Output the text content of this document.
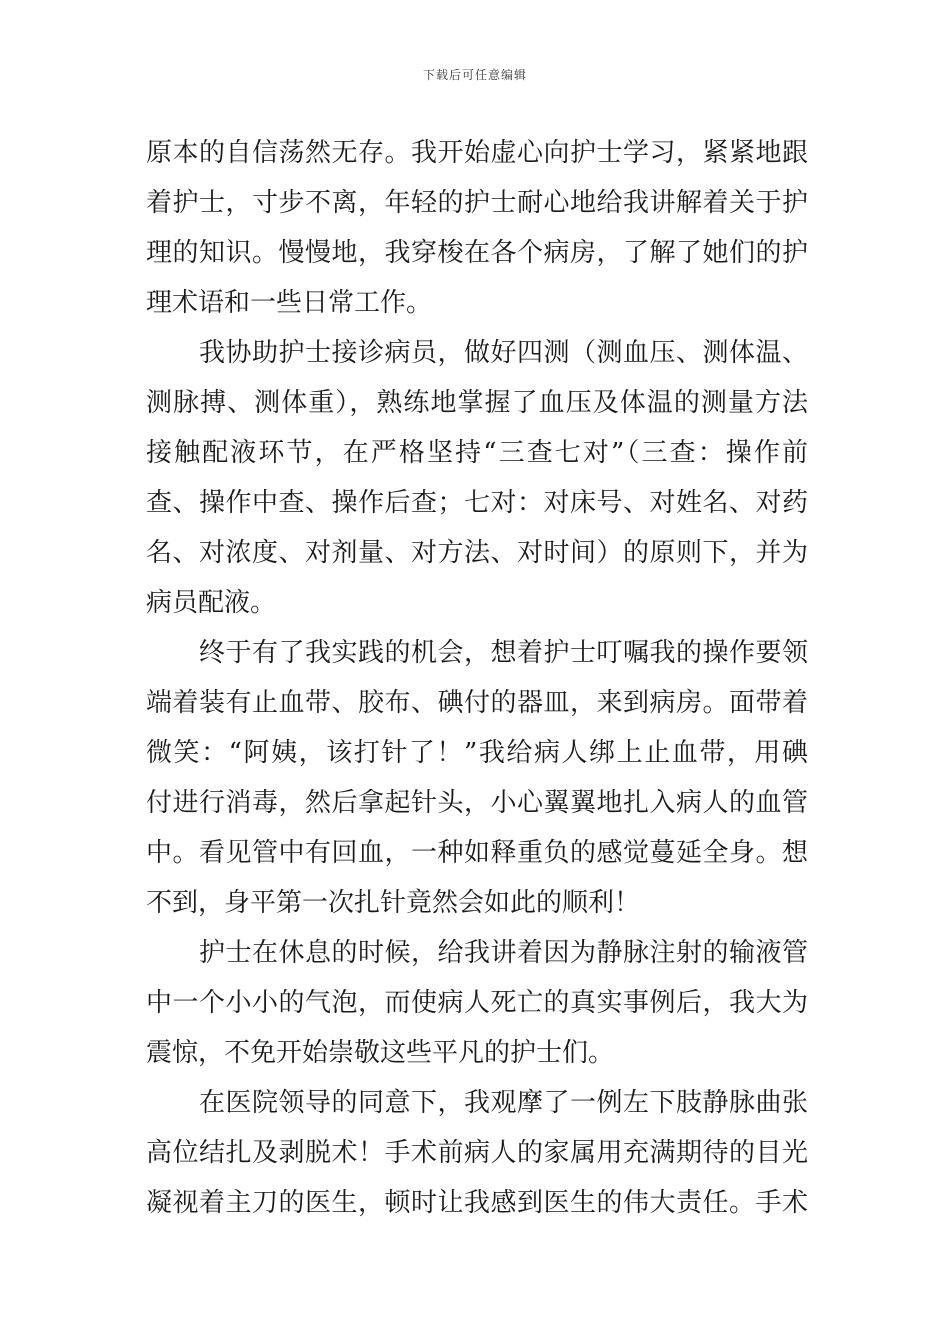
下载后可任意编辑
原本的自信荡然无存。我开始虚心向护士学习，紧紧地跟
着护士，寸步不离，年轻的护士耐心地给我讲解着关于护
理的知识。慢慢地，我穿梭在各个病房，了解了她们的护
理术语和一些日常工作。
　　我协助护士接诊病员，做好四测（测血压、测体温、
测脉搏、测体重），熟练地掌握了血压及体温的测量方法
接触配液环节，在严格坚持“三查七对”（三查：操作前
查、操作中查、操作后查；七对：对床号、对姓名、对药
名、对浓度、对剂量、对方法、对时间）的原则下，并为
病员配液。
　　终于有了我实践的机会，想着护士叮嘱我的操作要领
端着装有止血带、胶布、碘付的器皿，来到病房。面带着
微笑：“阿姨，该打针了！”我给病人绑上止血带，用碘
付进行消毒，然后拿起针头，小心翼翼地扎入病人的血管
中。看见管中有回血，一种如释重负的感觉蔓延全身。想
不到，身平第一次扎针竟然会如此的顺利！
　　护士在休息的时候，给我讲着因为静脉注射的输液管
中一个小小的气泡，而使病人死亡的真实事例后，我大为
震惊，不免开始崇敬这些平凡的护士们。
　　在医院领导的同意下，我观摩了一例左下肢静脉曲张
高位结扎及剥脱术！手术前病人的家属用充满期待的目光
凝视着主刀的医生，顿时让我感到医生的伟大责任。手术
